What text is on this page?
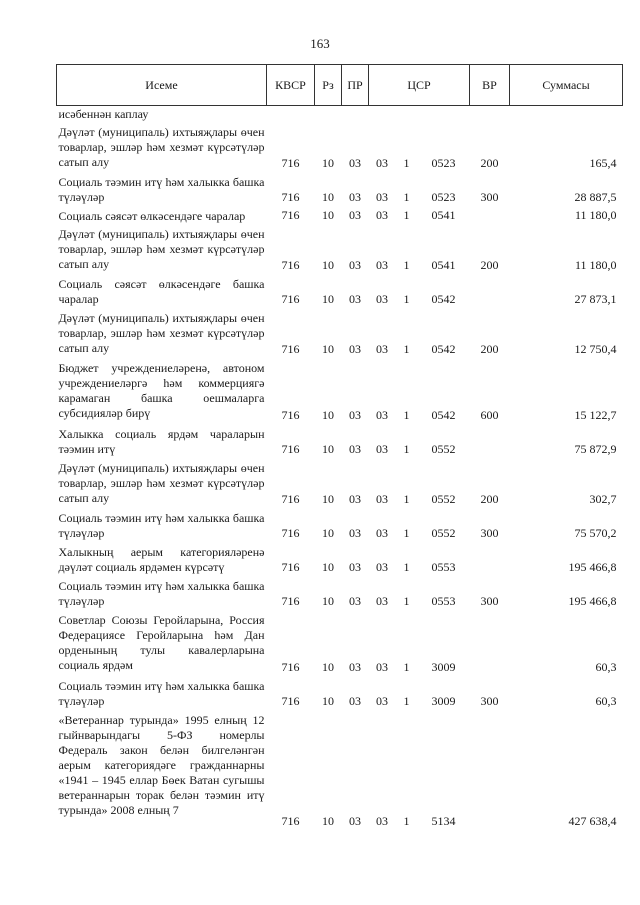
163
Исеме	КВСР	Рз	ПР	ЦСР			ВР	Суммасы
исәбеннән каплау								
Дәүләт (муниципаль) ихтыяҗлары өчен товарлар, эшләр һәм хезмәт күрсәтүләр сатып алу	716	10	03	03	1	0523	200	165,4
Социаль тәэмин итү һәм халыкка башка түләүләр	716	10	03	03	1	0523	300	28 887,5
Социаль сәясәт өлкәсендәге чаралар	716	10	03	03	1	0541		11 180,0
Дәүләт (муниципаль) ихтыяҗлары өчен товарлар, эшләр һәм хезмәт күрсәтүләр сатып алу	716	10	03	03	1	0541	200	11 180,0
Социаль сәясәт өлкәсендәге башка чаралар	716	10	03	03	1	0542		27 873,1
Дәүләт (муниципаль) ихтыяҗлары өчен товарлар, эшләр һәм хезмәт күрсәтүләр сатып алу	716	10	03	03	1	0542	200	12 750,4
Бюджет учреждениеләренә, автоном учреждениеләргә һәм коммерциягә карамаган башка оешмаларга субсидияләр бирү	716	10	03	03	1	0542	600	15 122,7
Халыкка социаль ярдәм чараларын тәэмин итү	716	10	03	03	1	0552		75 872,9
Дәүләт (муниципаль) ихтыяҗлары өчен товарлар, эшләр һәм хезмәт күрсәтүләр сатып алу	716	10	03	03	1	0552	200	302,7
Социаль тәэмин итү һәм халыкка башка түләүләр	716	10	03	03	1	0552	300	75 570,2
Халыкның аерым категорияләренә дәүләт социаль ярдәмен күрсәтү	716	10	03	03	1	0553		195 466,8
Социаль тәэмин итү һәм халыкка башка түләүләр	716	10	03	03	1	0553	300	195 466,8
Советлар Союзы Геройларына, Россия Федерациясе Геройларына һәм Дан орденының тулы кавалерларына социаль ярдәм	716	10	03	03	1	3009		60,3
Социаль тәэмин итү һәм халыкка башка түләүләр	716	10	03	03	1	3009	300	60,3
«Ветераннар турында» 1995 елның 12 гыйнварындагы 5-ФЗ номерлы Федераль закон белән билгеләнгән аерым категориядәге гражданнарны «1941 – 1945 еллар Бөек Ватан сугышы ветераннарын торак белән тәэмин итү турында» 2008 елның 7	716	10	03	03	1	5134		427 638,4
